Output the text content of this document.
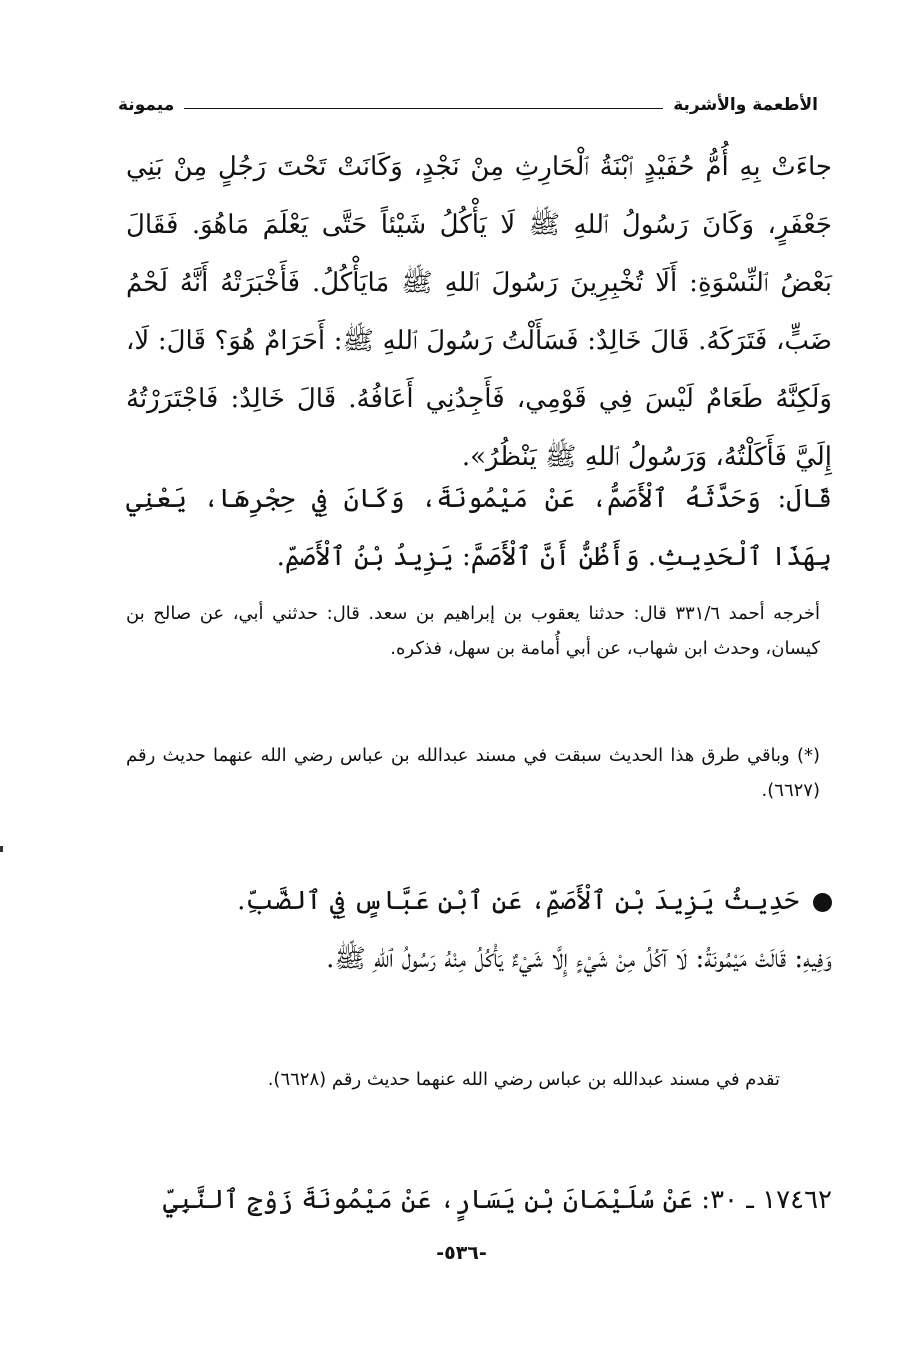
الأطعمة والأشربة
ميمونة

جاءَتْ بِهِ أُمُّ حُفَيْدٍ ٱبْنَةُ ٱلْحَارِثِ مِنْ نَجْدٍ، وَكَانَتْ تَحْتَ رَجُلٍ مِنْ بَنِي جَعْفَرٍ، وَكَانَ رَسُولُ ٱللهِ ﷺ لَا يَأْكُلُ شَيْئاً حَتَّى يَعْلَمَ مَاهُوَ. فَقَالَ بَعْضُ ٱلنِّسْوَةِ: أَلَا تُخْبِرِينَ رَسُولَ ٱللهِ ﷺ مَايَأْكُلُ. فَأَخْبَرَتْهُ أَنَّهُ لَحْمُ ضَبٍّ، فَتَرَكَهُ. قَالَ خَالِدٌ: فَسَأَلْتُ رَسُولَ ٱللهِ ﷺ: أَحَرَامٌ هُوَ؟ قَالَ: لَا، وَلَكِنَّهُ طَعَامٌ لَيْسَ فِي قَوْمِي، فَأَجِدُنِي أَعَافُهُ. قَالَ خَالِدٌ: فَاجْتَرَرْتُهُ إِلَيَّ فَأَكَلْتُهُ، وَرَسُولُ ٱللهِ ﷺ يَنْظُرُ».

قَالَ: وَحَدَّثَهُ ٱلْأَصَمُّ، عَنْ مَيْمُونَةَ، وَكَانَ فِي حِجْرِهَا، يَعْنِي بِهَذَا ٱلْحَدِيثِ. وَأَظُنُّ أَنَّ ٱلْأَصَمَّ: يَزِيدُ بْنُ ٱلْأَصَمِّ.

أخرجه أحمد ٣٣١/٦ قال: حدثنا يعقوب بن إبراهيم بن سعد. قال: حدثني أبي، عن صالح بن كيسان، وحدث ابن شهاب، عن أبي أُمامة بن سهل، فذكره.

(*) وباقي طرق هذا الحديث سبقت في مسند عبدالله بن عباس رضي الله عنهما حديث رقم (٦٦٢٧).

حَدِيثُ يَزِيدَ بْنِ ٱلْأَصَمِّ، عَنِ ٱبْنِ عَبَّاسٍ فِي ٱلضَّبِّ.
وَفِيهِ: قَالَتْ مَيْمُونَةُ: لَا آكُلُ مِنْ شَيْءٍ إِلَّا شَيْءٌ يَأْكُلُ مِنْهُ رَسُولُ ٱللهِ ﷺ.

تقدم في مسند عبدالله بن عباس رضي الله عنهما حديث رقم (٦٦٢٨).

١٧٤٦٢ ـ ٣٠: عَنْ سُلَيْمَانَ بْنِ يَسَارٍ، عَنْ مَيْمُونَةَ زَوْجِ ٱلنَّبِيِّ

-٥٣٦-
